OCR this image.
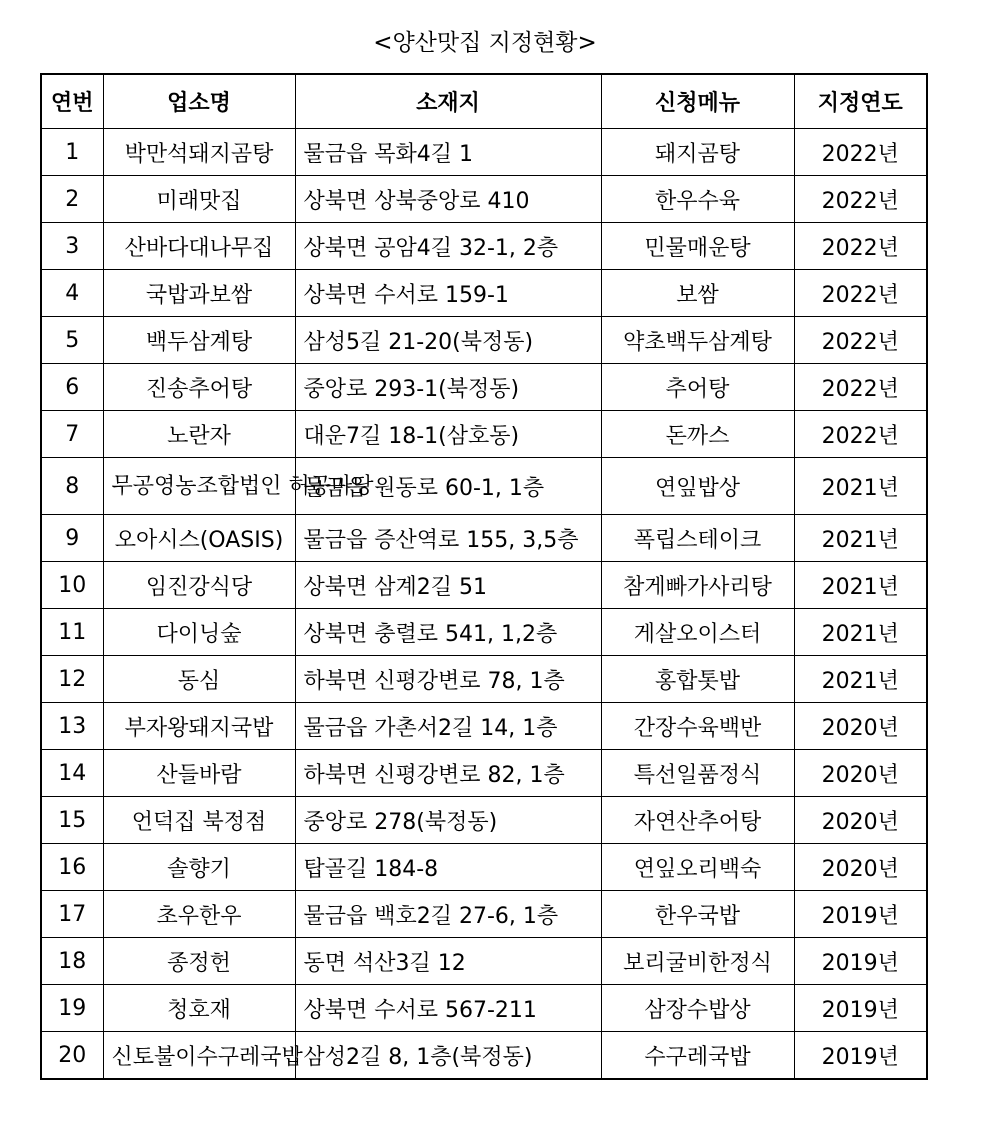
<양산맛집 지정현황>
연번	업소명	소재지	신청메뉴	지정연도
1	박만석돼지곰탕	물금읍 목화4길 1	돼지곰탕	2022년
2	미래맛집	상북면 상북중앙로 410	한우수육	2022년
3	산바다대나무집	상북면 공암4길 32-1, 2층	민물매운탕	2022년
4	국밥과보쌈	상북면 수서로 159-1	보쌈	2022년
5	백두삼계탕	삼성5길 21-20(북정동)	약초백두삼계탕	2022년
6	진송추어탕	중앙로 293-1(북정동)	추어탕	2022년
7	노란자	대운7길 18-1(삼호동)	돈까스	2022년
8	무공영농조합법인 허공마당	물금읍 원동로 60-1, 1층	연잎밥상	2021년
9	오아시스(OASIS)	물금읍 증산역로 155, 3,5층	폭립스테이크	2021년
10	임진강식당	상북면 삼계2길 51	참게빠가사리탕	2021년
11	다이닝숲	상북면 충렬로 541, 1,2층	게살오이스터	2021년
12	동심	하북면 신평강변로 78, 1층	홍합톳밥	2021년
13	부자왕돼지국밥	물금읍 가촌서2길 14, 1층	간장수육백반	2020년
14	산들바람	하북면 신평강변로 82, 1층	특선일품정식	2020년
15	언덕집 북정점	중앙로 278(북정동)	자연산추어탕	2020년
16	솔향기	탑골길 184-8	연잎오리백숙	2020년
17	초우한우	물금읍 백호2길 27-6, 1층	한우국밥	2019년
18	종정헌	동면 석산3길 12	보리굴비한정식	2019년
19	청호재	상북면 수서로 567-211	삼장수밥상	2019년
20	신토불이수구레국밥	삼성2길 8, 1층(북정동)	수구레국밥	2019년
